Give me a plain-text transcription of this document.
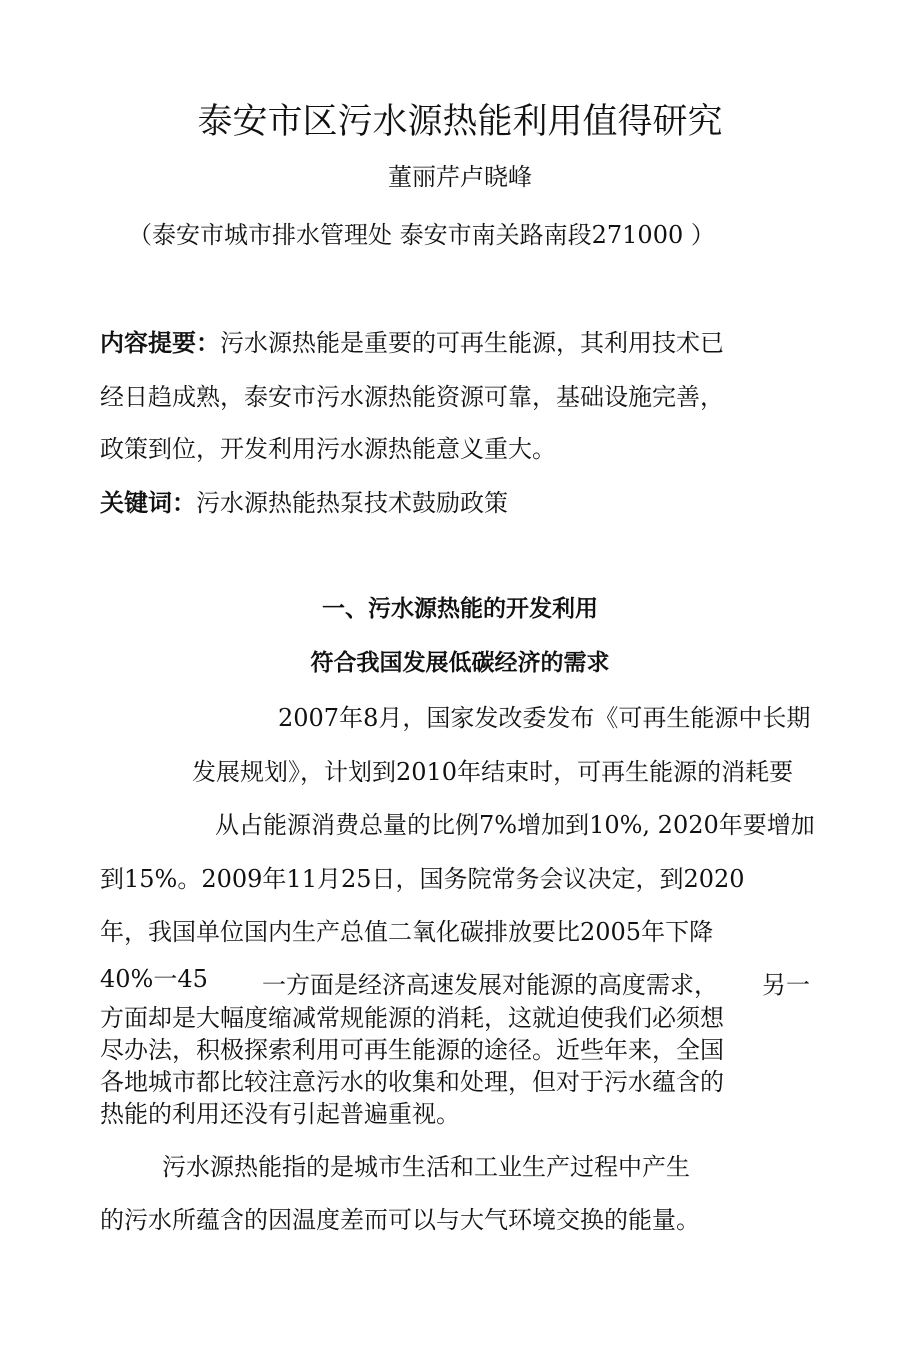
泰安市区污水源热能利用值得研究
董丽芹卢晓峰
（泰安市城市排水管理处 泰安市南关路南段271000 ）
内容提要：污水源热能是重要的可再生能源，其利用技术已
经日趋成熟，泰安市污水源热能资源可靠，基础设施完善，
政策到位，开发利用污水源热能意义重大。
关键词：污水源热能热泵技术鼓励政策
一、污水源热能的开发利用
符合我国发展低碳经济的需求
2007年8月，国家发改委发布《可再生能源中长期
发展规划》，计划到2010年结束时，可再生能源的消耗要
从占能源消费总量的比例7%增加到10%, 2020年要增加
到15%。2009年11月25日，国务院常务会议决定，到2020
年，我国单位国内生产总值二氧化碳排放要比2005年下降
40%一45 一方面是经济高速发展对能源的高度需求， 另一
方面却是大幅度缩减常规能源的消耗，这就迫使我们必须想
尽办法，积极探索利用可再生能源的途径。近些年来，全国
各地城市都比较注意污水的收集和处理，但对于污水蕴含的
热能的利用还没有引起普遍重视。
污水源热能指的是城市生活和工业生产过程中产生
的污水所蕴含的因温度差而可以与大气环境交换的能量。
